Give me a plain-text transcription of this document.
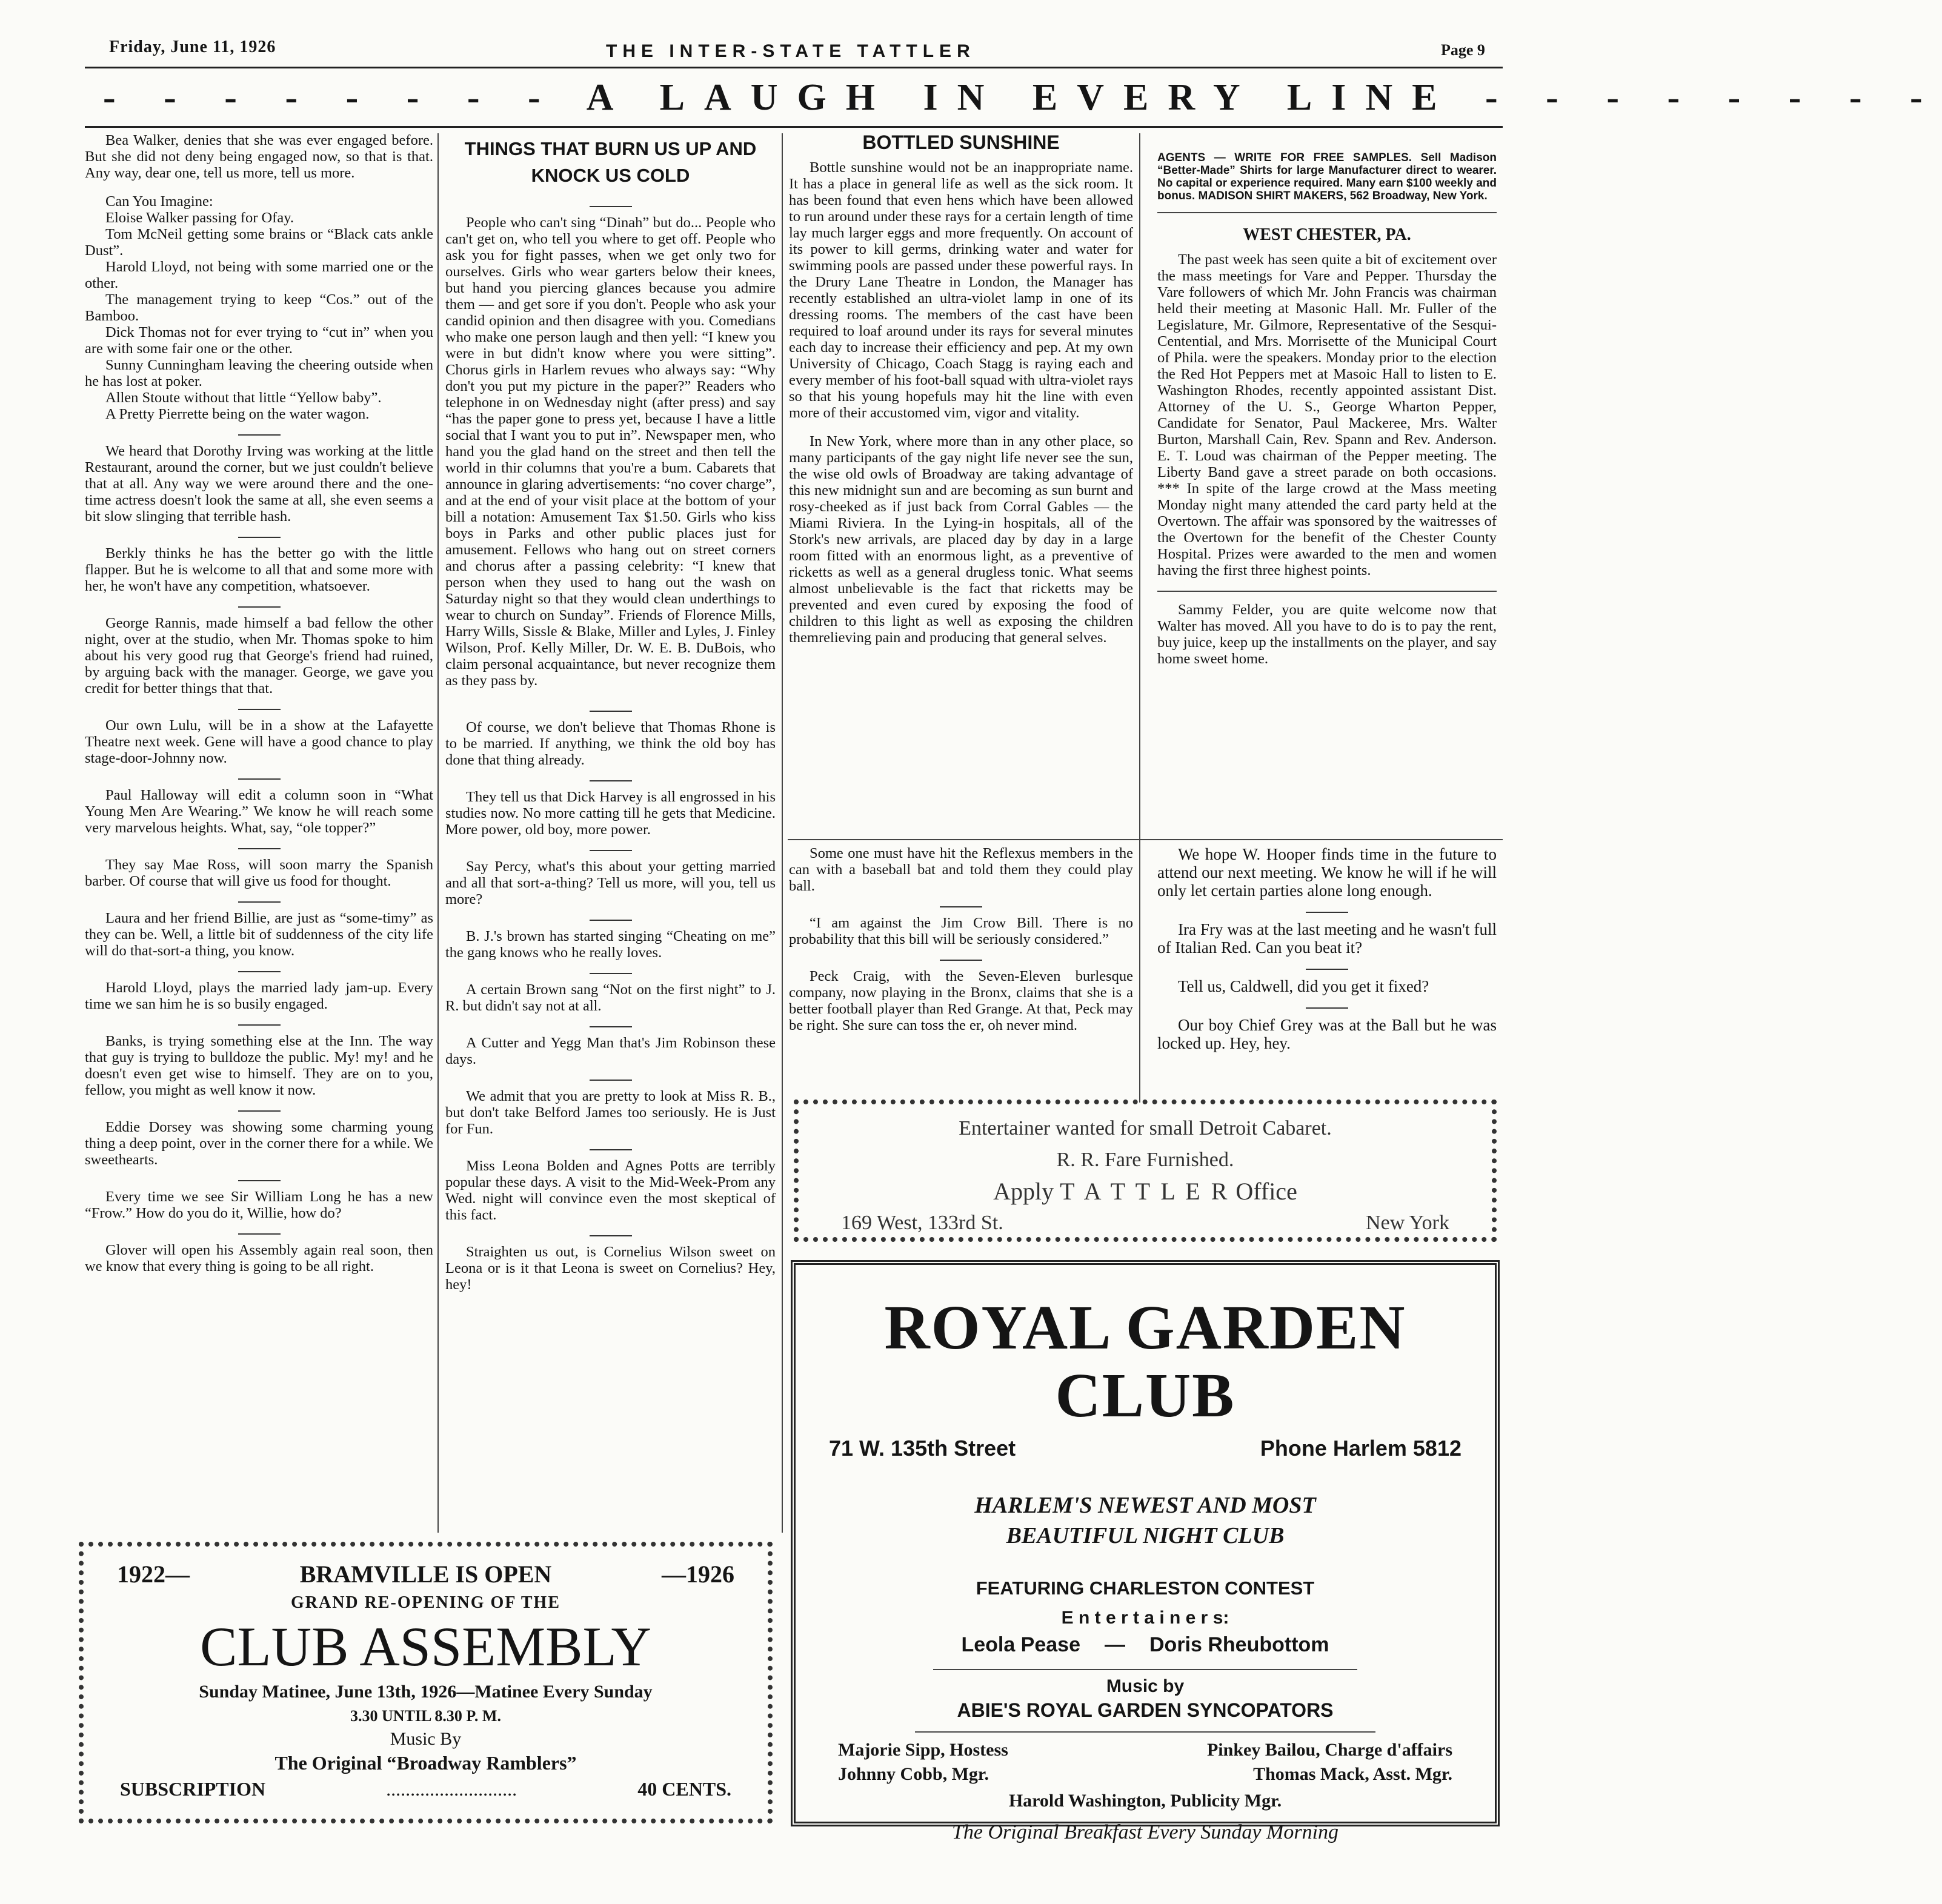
Friday, June 11, 1926	THE INTER-STATE TATTLER	Page 9
- - - - - - - - A LAUGH IN EVERY LINE - - - - - - - -

Bea Walker, denies that she was ever engaged before. But she did not deny being engaged now, so that is that. Any way, dear one, tell us more, tell us more.

Can You Imagine:

Eloise Walker passing for Ofay.

Tom McNeil getting some brains or “Black cats ankle Dust”.

Harold Lloyd, not being with some married one or the other.

The management trying to keep “Cos.” out of the Bamboo.

Dick Thomas not for ever trying to “cut in” when you are with some fair one or the other.

Sunny Cunningham leaving the cheering outside when he has lost at poker.

Allen Stoute without that little “Yellow baby”.

A Pretty Pierrette being on the water wagon.

We heard that Dorothy Irving was working at the little Restaurant, around the corner, but we just couldn't believe that at all. Any way we were around there and the one-time actress doesn't look the same at all, she even seems a bit slow slinging that terrible hash.

Berkly thinks he has the better go with the little flapper. But he is welcome to all that and some more with her, he won't have any competition, whatsoever.

George Rannis, made himself a bad fellow the other night, over at the studio, when Mr. Thomas spoke to him about his very good rug that George's friend had ruined, by arguing back with the manager. George, we gave you credit for better things that that.

Our own Lulu, will be in a show at the Lafayette Theatre next week. Gene will have a good chance to play stage-door-Johnny now.

Paul Halloway will edit a column soon in “What Young Men Are Wearing.” We know he will reach some very marvelous heights. What, say, “ole topper?”

They say Mae Ross, will soon marry the Spanish barber. Of course that will give us food for thought.

Laura and her friend Billie, are just as “some-timy” as they can be. Well, a little bit of suddenness of the city life will do that-sort-a thing, you know.

Harold Lloyd, plays the married lady jam-up. Every time we san him he is so busily engaged.

Banks, is trying something else at the Inn. The way that guy is trying to bulldoze the public. My! my! and he doesn't even get wise to himself. They are on to you, fellow, you might as well know it now.

Eddie Dorsey was showing some charming young thing a deep point, over in the corner there for a while. We sweethearts.

Every time we see Sir William Long he has a new “Frow.” How do you do it, Willie, how do?

Glover will open his Assembly again real soon, then we know that every thing is going to be all right.

THINGS THAT BURN US UP AND KNOCK US COLD

People who can't sing “Dinah” but do... People who can't get on, who tell you where to get off. People who ask you for fight passes, when we get only two for ourselves. Girls who wear garters below their knees, but hand you piercing glances because you admire them — and get sore if you don't. People who ask your candid opinion and then disagree with you. Comedians who make one person laugh and then yell: “I knew you were in but didn't know where you were sitting”. Chorus girls in Harlem revues who always say: “Why don't you put my picture in the paper?” Readers who telephone in on Wednesday night (after press) and say “has the paper gone to press yet, because I have a little social that I want you to put in”. Newspaper men, who hand you the glad hand on the street and then tell the world in thir columns that you're a bum. Cabarets that announce in glaring advertisements: “no cover charge”, and at the end of your visit place at the bottom of your bill a notation: Amusement Tax $1.50. Girls who kiss boys in Parks and other public places just for amusement. Fellows who hang out on street corners and chorus after a passing celebrity: “I knew that person when they used to hang out the wash on Saturday night so that they would clean underthings to wear to church on Sunday”. Friends of Florence Mills, Harry Wills, Sissle & Blake, Miller and Lyles, J. Finley Wilson, Prof. Kelly Miller, Dr. W. E. B. DuBois, who claim personal acquaintance, but never recognize them as they pass by.

Of course, we don't believe that Thomas Rhone is to be married. If anything, we think the old boy has done that thing already.

They tell us that Dick Harvey is all engrossed in his studies now. No more catting till he gets that Medicine. More power, old boy, more power.

Say Percy, what's this about your getting married and all that sort-a-thing? Tell us more, will you, tell us more?

B. J.'s brown has started singing “Cheating on me” the gang knows who he really loves.

A certain Brown sang “Not on the first night” to J. R. but didn't say not at all.

A Cutter and Yegg Man that's Jim Robinson these days.

We admit that you are pretty to look at Miss R. B., but don't take Belford James too seriously. He is Just for Fun.

Miss Leona Bolden and Agnes Potts are terribly popular these days. A visit to the Mid-Week-Prom any Wed. night will convince even the most skeptical of this fact.

Straighten us out, is Cornelius Wilson sweet on Leona or is it that Leona is sweet on Cornelius? Hey, hey!

BOTTLED SUNSHINE

Bottle sunshine would not be an inappropriate name. It has a place in general life as well as the sick room. It has been found that even hens which have been allowed to run around under these rays for a certain length of time lay much larger eggs and more frequently. On account of its power to kill germs, drinking water and water for swimming pools are passed under these powerful rays. In the Drury Lane Theatre in London, the Manager has recently established an ultra-violet lamp in one of its dressing rooms. The members of the cast have been required to loaf around under its rays for several minutes each day to increase their efficiency and pep. At my own University of Chicago, Coach Stagg is raying each and every member of his foot-ball squad with ultra-violet rays so that his young hopefuls may hit the line with even more of their accustomed vim, vigor and vitality.

In New York, where more than in any other place, so many participants of the gay night life never see the sun, the wise old owls of Broadway are taking advantage of this new midnight sun and are becoming as sun burnt and rosy-cheeked as if just back from Corral Gables — the Miami Riviera. In the Lying-in hospitals, all of the Stork's new arrivals, are placed day by day in a large room fitted with an enormous light, as a preventive of ricketts as well as a general drugless tonic. What seems almost unbelievable is the fact that ricketts may be prevented and even cured by exposing the food of children to this light as well as exposing the children themrelieving pain and producing that general selves.

Some one must have hit the Reflexus members in the can with a baseball bat and told them they could play ball.

“I am against the Jim Crow Bill. There is no probability that this bill will be seriously considered.”

Peck Craig, with the Seven-Eleven burlesque company, now playing in the Bronx, claims that she is a better football player than Red Grange. At that, Peck may be right. She sure can toss the er, oh never mind.

AGENTS — WRITE FOR FREE SAMPLES. Sell Madison “Better-Made” Shirts for large Manufacturer direct to wearer. No capital or experience required. Many earn $100 weekly and bonus. MADISON SHIRT MAKERS, 562 Broadway, New York.
WEST CHESTER, PA.

The past week has seen quite a bit of excitement over the mass meetings for Vare and Pepper. Thursday the Vare followers of which Mr. John Francis was chairman held their meeting at Masonic Hall. Mr. Fuller of the Legislature, Mr. Gilmore, Representative of the Sesqui-Centential, and Mrs. Morrisette of the Municipal Court of Phila. were the speakers. Monday prior to the election the Red Hot Peppers met at Masoic Hall to listen to E. Washington Rhodes, recently appointed assistant Dist. Attorney of the U. S., George Wharton Pepper, Candidate for Senator, Paul Mackeree, Mrs. Walter Burton, Marshall Cain, Rev. Spann and Rev. Anderson. E. T. Loud was chairman of the Pepper meeting. The Liberty Band gave a street parade on both occasions. *** In spite of the large crowd at the Mass meeting Monday night many attended the card party held at the Overtown. The affair was sponsored by the waitresses of the Overtown for the benefit of the Chester County Hospital. Prizes were awarded to the men and women having the first three highest points.

Sammy Felder, you are quite welcome now that Walter has moved. All you have to do is to pay the rent, buy juice, keep up the installments on the player, and say home sweet home.

We hope W. Hooper finds time in the future to attend our next meeting. We know he will if he will only let certain parties alone long enough.

Ira Fry was at the last meeting and he wasn't full of Italian Red. Can you beat it?

Tell us, Caldwell, did you get it fixed?

Our boy Chief Grey was at the Ball but he was locked up. Hey, hey.

Entertainer wanted for small Detroit Cabaret.
R. R. Fare Furnished.
Apply T A T T L E R Office
169 West, 133rd St.	New York
1922—	BRAMVILLE IS OPEN	—1926
GRAND RE-OPENING OF THE
CLUB ASSEMBLY
Sunday Matinee, June 13th, 1926—Matinee Every Sunday
3.30 UNTIL 8.30 P. M.
Music By
The Original “Broadway Ramblers”
SUBSCRIPTION	...........................	40 CENTS.
ROYAL GARDEN CLUB
71 W. 135th Street	Phone Harlem 5812
HARLEM'S NEWEST AND MOST
BEAUTIFUL NIGHT CLUB
FEATURING CHARLESTON CONTEST
E n t e r t a i n e r s:
Leola Pease — Doris Rheubottom
Music by
ABIE'S ROYAL GARDEN SYNCOPATORS
Majorie Sipp, Hostess	Pinkey Bailou, Charge d'affairs
Johnny Cobb, Mgr.	Thomas Mack, Asst. Mgr.
Harold Washington, Publicity Mgr.
The Original Breakfast Every Sunday Morning
